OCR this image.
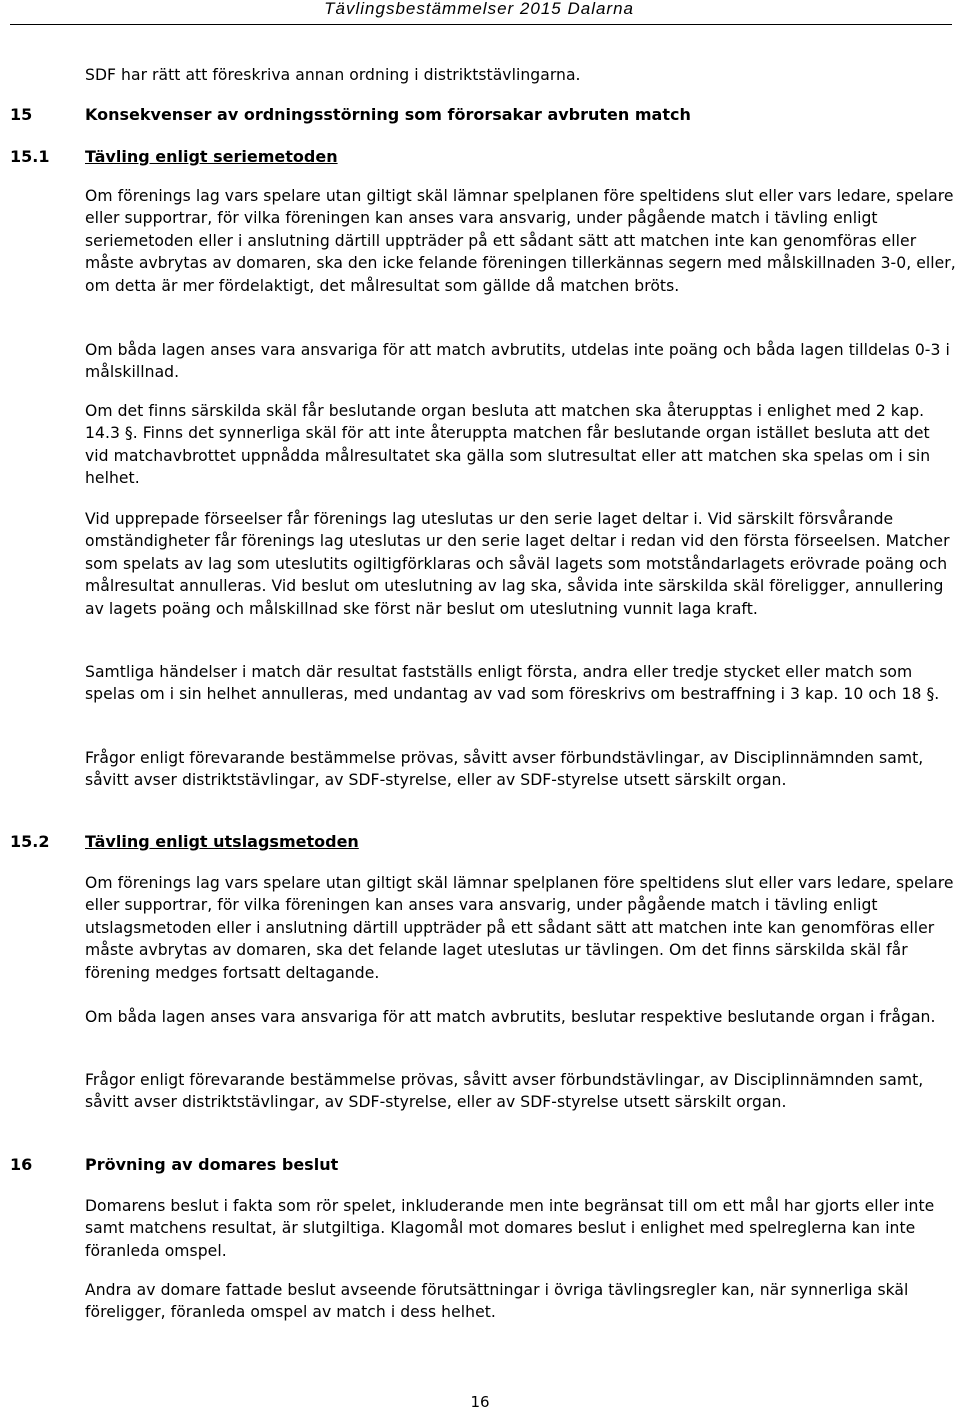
Tävlingsbestämmelser 2015 Dalarna

SDF har rätt att föreskriva annan ordning i distriktstävlingarna.

15	Konsekvenser av ordningsstörning som förorsakar avbruten match
15.1 Tävling enligt seriemetoden

Om förenings lag vars spelare utan giltigt skäl lämnar spelplanen före speltidens slut eller vars ledare, spelare eller supportrar, för vilka föreningen kan anses vara ansvarig, under pågående match i tävling enligt seriemetoden eller i anslutning därtill uppträder på ett sådant sätt att matchen inte kan genomföras eller måste avbrytas av domaren, ska den icke felande föreningen tillerkännas segern med målskillnaden 3-0, eller, om detta är mer fördelaktigt, det målresultat som gällde då matchen bröts.

Om båda lagen anses vara ansvariga för att match avbrutits, utdelas inte poäng och båda lagen tilldelas 0-3 i målskillnad.

Om det finns särskilda skäl får beslutande organ besluta att matchen ska återupptas i enlighet med 2 kap. 14.3 §. Finns det synnerliga skäl för att inte återuppta matchen får beslutande organ istället besluta att det vid matchavbrottet uppnådda målresultatet ska gälla som slutresultat eller att matchen ska spelas om i sin helhet.

Vid upprepade förseelser får förenings lag uteslutas ur den serie laget deltar i. Vid särskilt försvårande omständigheter får förenings lag uteslutas ur den serie laget deltar i redan vid den första förseelsen. Matcher som spelats av lag som uteslutits ogiltigförklaras och såväl lagets som motståndarlagets erövrade poäng och målresultat annulleras. Vid beslut om uteslutning av lag ska, såvida inte särskilda skäl föreligger, annullering av lagets poäng och målskillnad ske först när beslut om uteslutning vunnit laga kraft.

Samtliga händelser i match där resultat fastställs enligt första, andra eller tredje stycket eller match som spelas om i sin helhet annulleras, med undantag av vad som föreskrivs om bestraffning i 3 kap. 10 och 18 §.

Frågor enligt förevarande bestämmelse prövas, såvitt avser förbundstävlingar, av Disciplinnämnden samt, såvitt avser distriktstävlingar, av SDF-styrelse, eller av SDF-styrelse utsett särskilt organ.

15.2 Tävling enligt utslagsmetoden

Om förenings lag vars spelare utan giltigt skäl lämnar spelplanen före speltidens slut eller vars ledare, spelare eller supportrar, för vilka föreningen kan anses vara ansvarig, under pågående match i tävling enligt utslagsmetoden eller i anslutning därtill uppträder på ett sådant sätt att matchen inte kan genomföras eller måste avbrytas av domaren, ska det felande laget uteslutas ur tävlingen. Om det finns särskilda skäl får förening medges fortsatt deltagande.

Om båda lagen anses vara ansvariga för att match avbrutits, beslutar respektive beslutande organ i frågan.

Frågor enligt förevarande bestämmelse prövas, såvitt avser förbundstävlingar, av Disciplinnämnden samt, såvitt avser distriktstävlingar, av SDF-styrelse, eller av SDF-styrelse utsett särskilt organ.

16	Prövning av domares beslut

Domarens beslut i fakta som rör spelet, inkluderande men inte begränsat till om ett mål har gjorts eller inte samt matchens resultat, är slutgiltiga. Klagomål mot domares beslut i enlighet med spelreglerna kan inte föranleda omspel.

Andra av domare fattade beslut avseende förutsättningar i övriga tävlingsregler kan, när synnerliga skäl föreligger, föranleda omspel av match i dess helhet.

16
